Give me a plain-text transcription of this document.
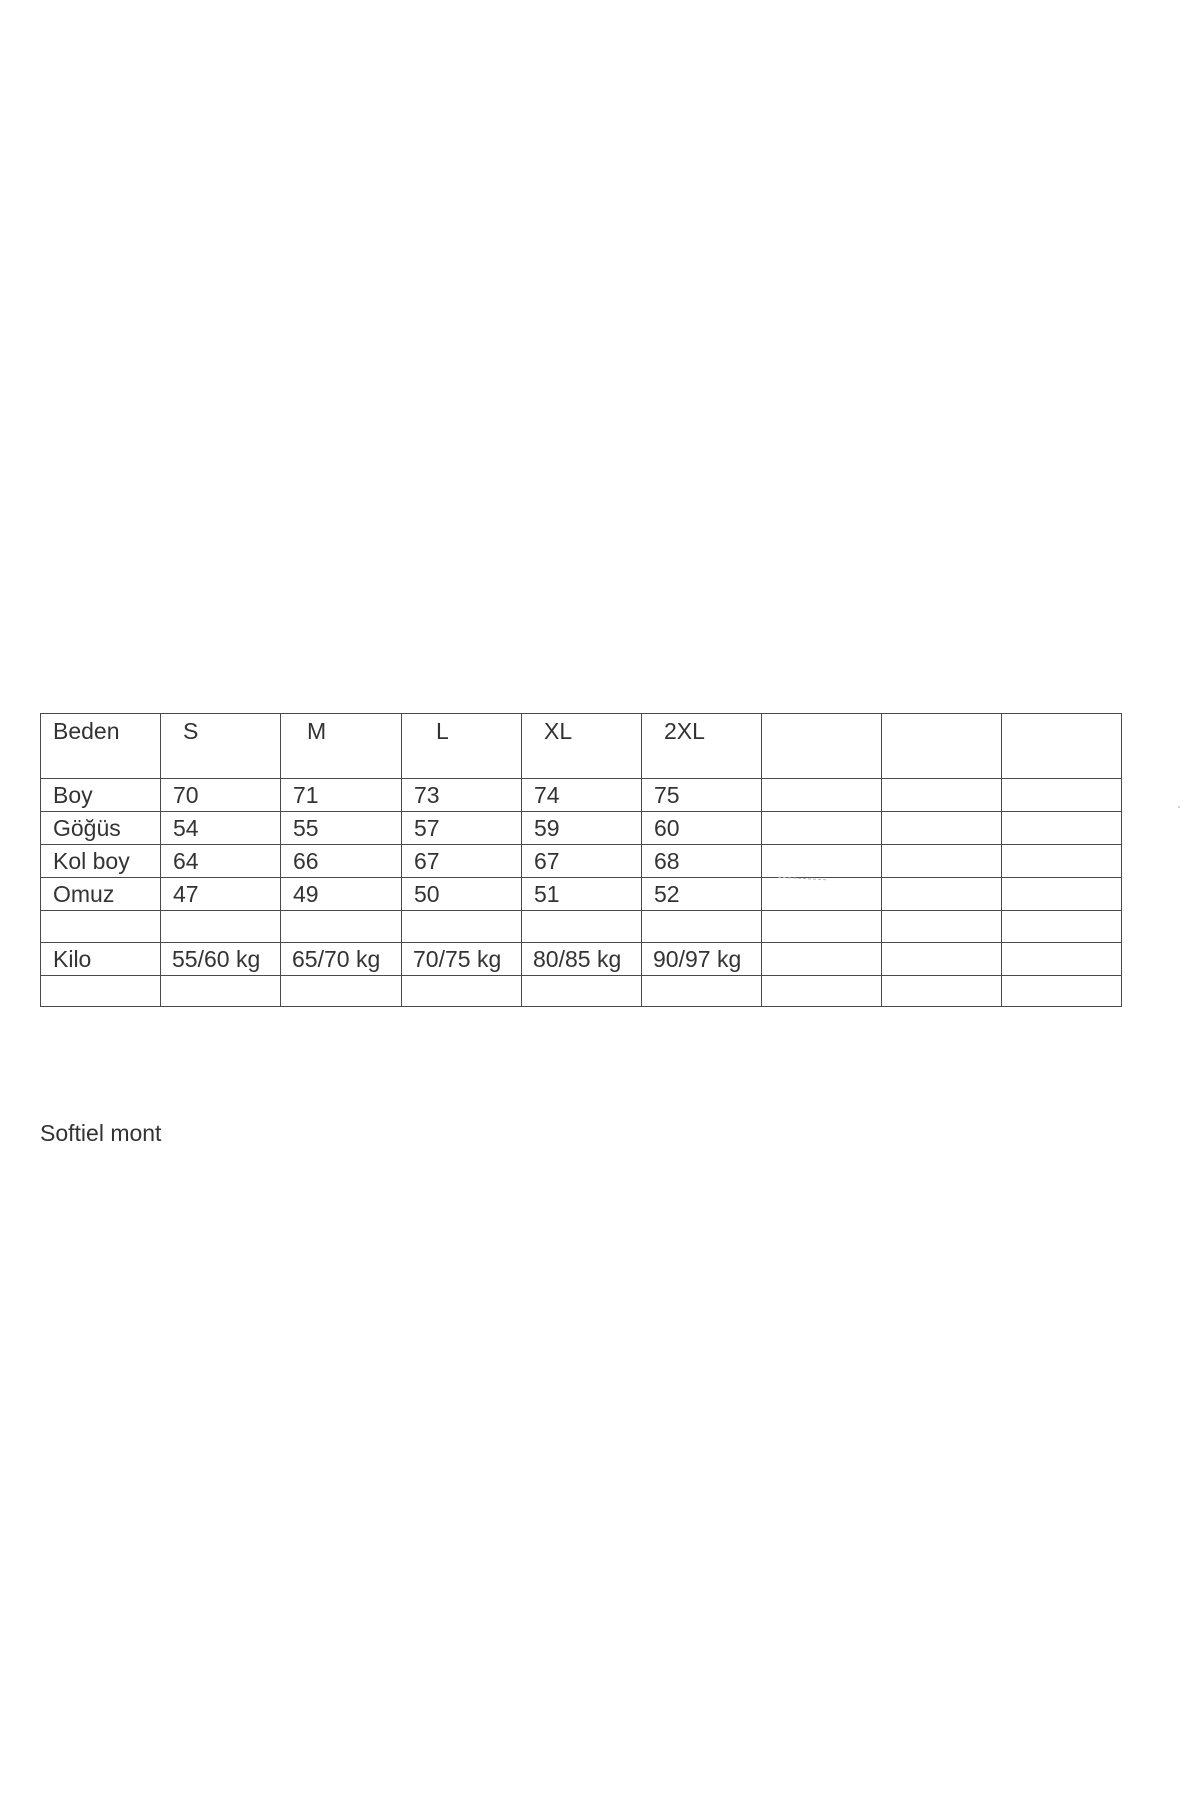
Beden	S	M	L	XL	2XL			
Boy	70	71	73	74	75			
Göğüs	54	55	57	59	60			
Kol boy	64	66	67	67	68			
Omuz	47	49	50	51	52			

Kilo	55/60 kg	65/70 kg	70/75 kg	80/85 kg	90/97 kg			

Softiel mont
